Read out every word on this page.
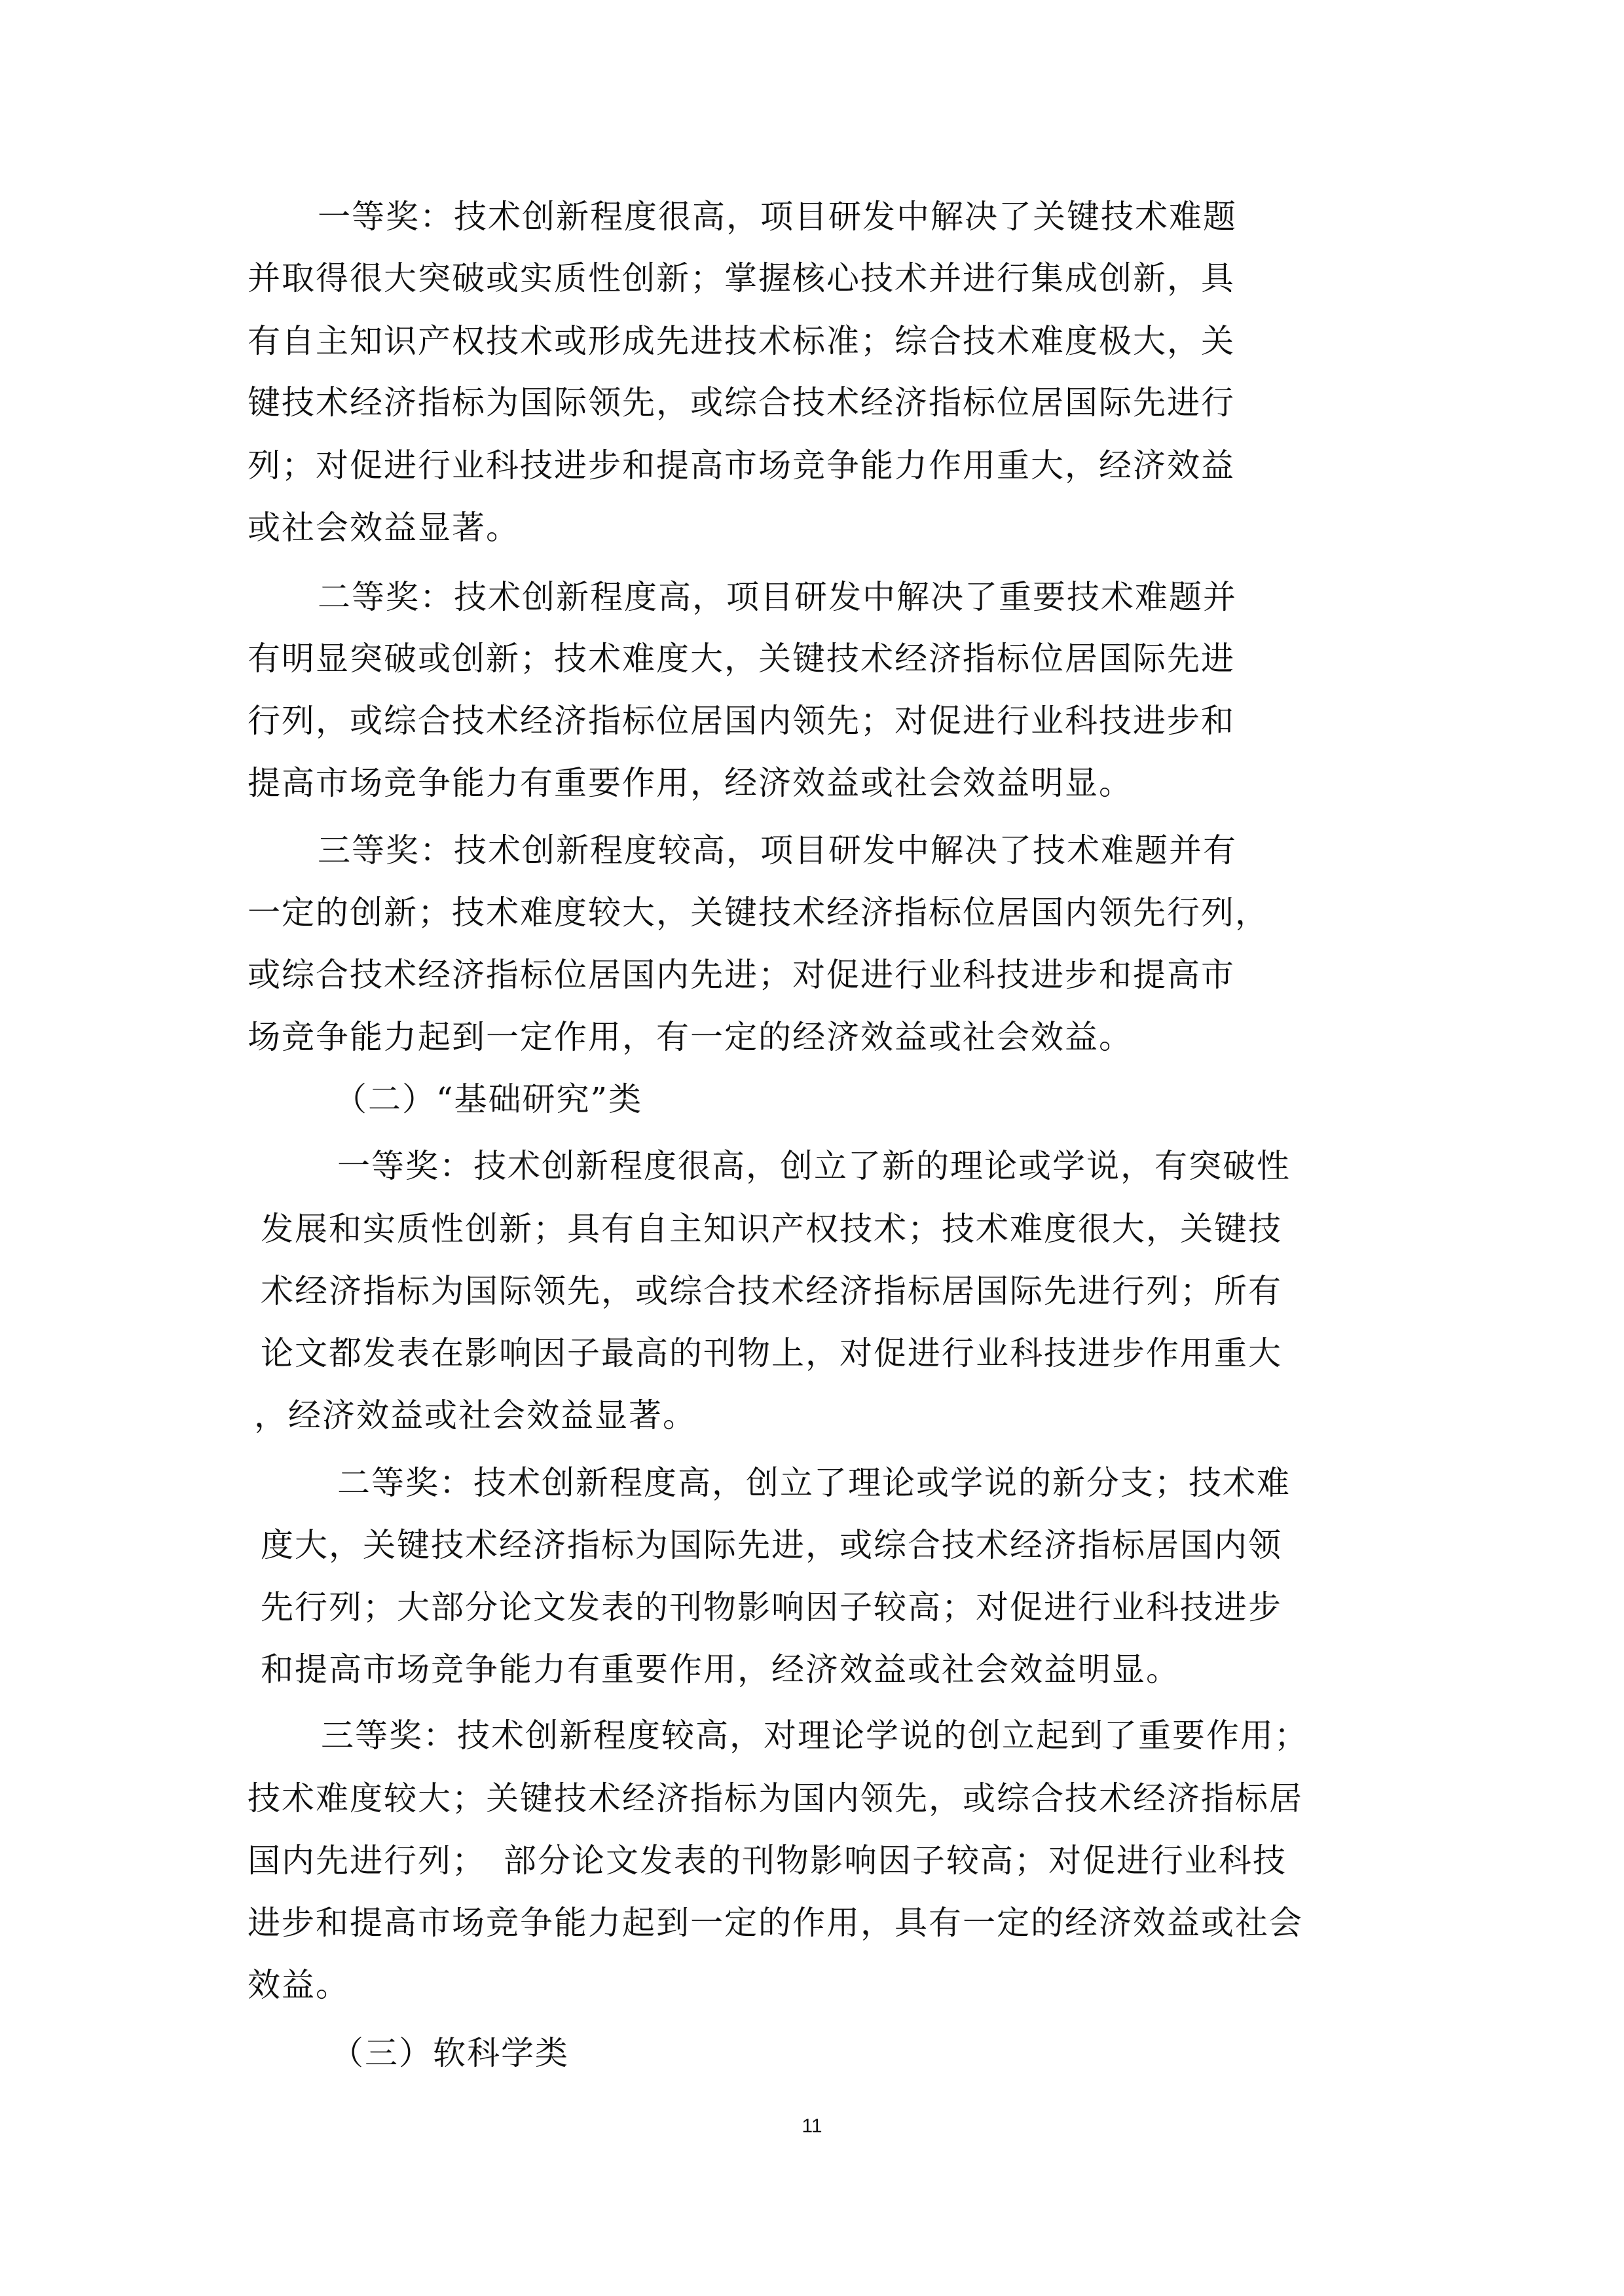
一等奖：技术创新程度很高，项目研发中解决了关键技术难题
并取得很大突破或实质性创新；掌握核心技术并进行集成创新，具
有自主知识产权技术或形成先进技术标准；综合技术难度极大，关
键技术经济指标为国际领先，或综合技术经济指标位居国际先进行
列；对促进行业科技进步和提高市场竞争能力作用重大，经济效益
或社会效益显著。
二等奖：技术创新程度高，项目研发中解决了重要技术难题并
有明显突破或创新；技术难度大，关键技术经济指标位居国际先进
行列，或综合技术经济指标位居国内领先；对促进行业科技进步和
提高市场竞争能力有重要作用，经济效益或社会效益明显。
三等奖：技术创新程度较高，项目研发中解决了技术难题并有
一定的创新；技术难度较大，关键技术经济指标位居国内领先行列，
或综合技术经济指标位居国内先进；对促进行业科技进步和提高市
场竞争能力起到一定作用，有一定的经济效益或社会效益。
（二）“基础研究”类
一等奖：技术创新程度很高，创立了新的理论或学说，有突破性
发展和实质性创新；具有自主知识产权技术；技术难度很大，关键技
术经济指标为国际领先，或综合技术经济指标居国际先进行列；所有
论文都发表在影响因子最高的刊物上，对促进行业科技进步作用重大
，经济效益或社会效益显著。
二等奖：技术创新程度高，创立了理论或学说的新分支；技术难
度大，关键技术经济指标为国际先进，或综合技术经济指标居国内领
先行列；大部分论文发表的刊物影响因子较高；对促进行业科技进步
和提高市场竞争能力有重要作用，经济效益或社会效益明显。
三等奖：技术创新程度较高，对理论学说的创立起到了重要作用；
技术难度较大；关键技术经济指标为国内领先，或综合技术经济指标居
国内先进行列；　部分论文发表的刊物影响因子较高；对促进行业科技
进步和提高市场竞争能力起到一定的作用，具有一定的经济效益或社会
效益。
（三）软科学类
11
